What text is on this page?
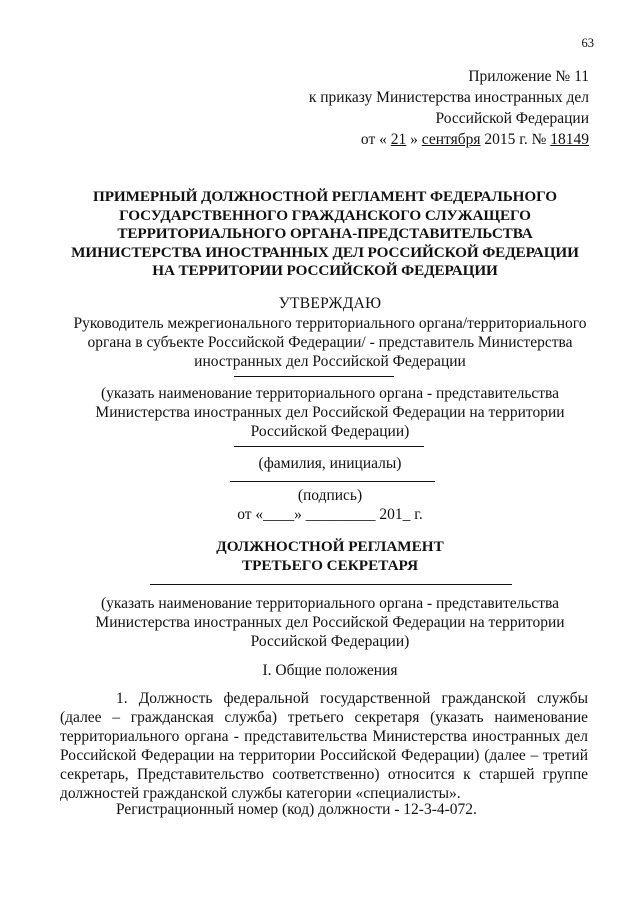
63
Приложение № 11
к приказу Министерства иностранных дел
Российской Федерации
от « 21 » сентября 2015 г. № 18149
ПРИМЕРНЫЙ ДОЛЖНОСТНОЙ РЕГЛАМЕНТ ФЕДЕРАЛЬНОГО
ГОСУДАРСТВЕННОГО ГРАЖДАНСКОГО СЛУЖАЩЕГО
ТЕРРИТОРИАЛЬНОГО ОРГАНА-ПРЕДСТАВИТЕЛЬСТВА
МИНИСТЕРСТВА ИНОСТРАННЫХ ДЕЛ РОССИЙСКОЙ ФЕДЕРАЦИИ
НА ТЕРРИТОРИИ РОССИЙСКОЙ ФЕДЕРАЦИИ
УТВЕРЖДАЮ
Руководитель межрегионального территориального органа/территориального
органа в субъекте Российской Федерации/ - представитель Министерства
иностранных дел Российской Федерации
(указать наименование территориального органа - представительства
Министерства иностранных дел Российской Федерации на территории
Российской Федерации)
(фамилия, инициалы)
(подпись)
от «____» _________ 201_ г.
ДОЛЖНОСТНОЙ РЕГЛАМЕНТ
ТРЕТЬЕГО СЕКРЕТАРЯ
(указать наименование территориального органа - представительства
Министерства иностранных дел Российской Федерации на территории
Российской Федерации)
I. Общие положения
1. Должность федеральной государственной гражданской службы (далее – гражданская служба) третьего секретаря (указать наименование территориального органа - представительства Министерства иностранных дел Российской Федерации на территории Российской Федерации) (далее – третий секретарь, Представительство соответственно) относится к старшей группе должностей гражданской службы категории «специалисты».
Регистрационный номер (код) должности - 12-3-4-072.
